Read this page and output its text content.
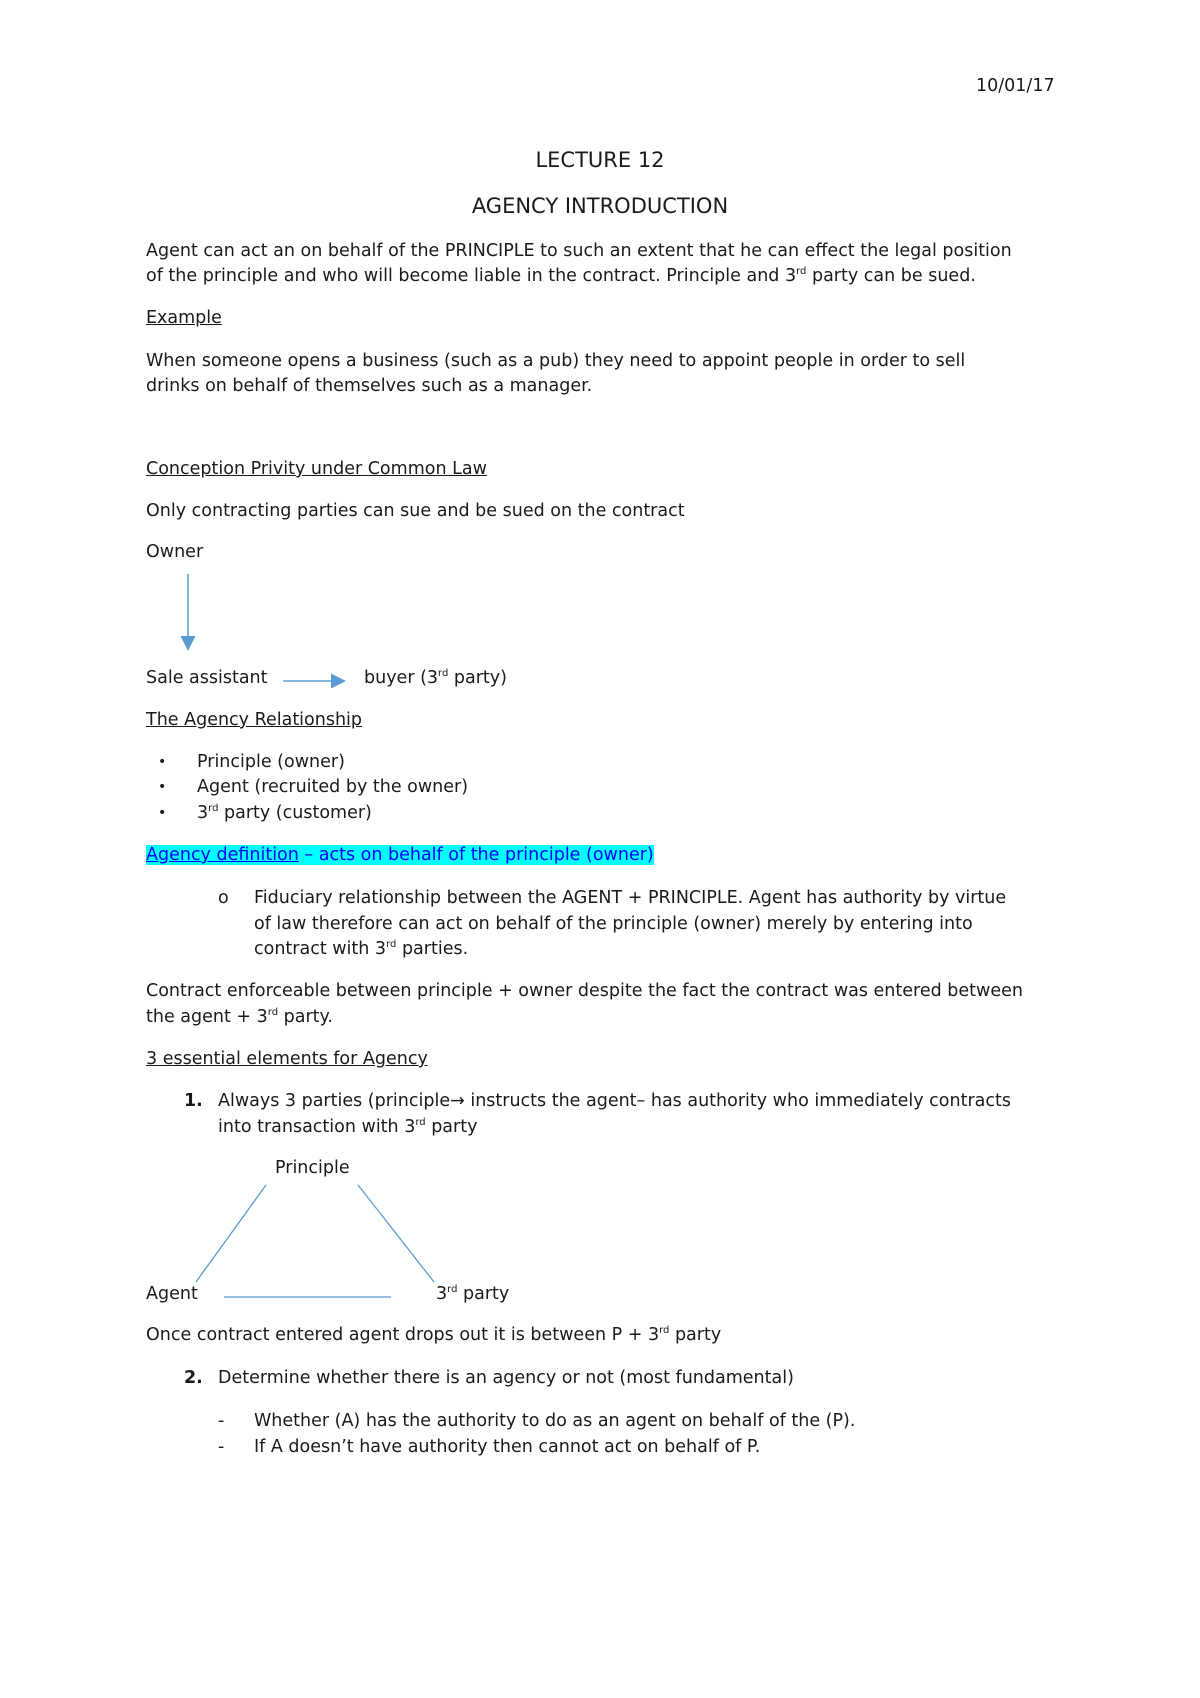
10/01/17
LECTURE 12
AGENCY INTRODUCTION
Agent can act an on behalf of the PRINCIPLE to such an extent that he can effect the legal position
of the principle and who will become liable in the contract. Principle and 3rd party can be sued.
Example
When someone opens a business (such as a pub) they need to appoint people in order to sell
drinks on behalf of themselves such as a manager.
Conception Privity under Common Law
Only contracting parties can sue and be sued on the contract
Owner
Sale assistant	buyer (3rd party)
The Agency Relationship
• Principle (owner)
• Agent (recruited by the owner)
• 3rd party (customer)
Agency definition – acts on behalf of the principle (owner)
o Fiduciary relationship between the AGENT + PRINCIPLE. Agent has authority by virtue
of law therefore can act on behalf of the principle (owner) merely by entering into
contract with 3rd parties.
Contract enforceable between principle + owner despite the fact the contract was entered between
the agent + 3rd party.
3 essential elements for Agency
1. Always 3 parties (principle→ instructs the agent– has authority who immediately contracts
into transaction with 3rd party
Principle
Agent	3rd party
Once contract entered agent drops out it is between P + 3rd party
2. Determine whether there is an agency or not (most fundamental)
- Whether (A) has the authority to do as an agent on behalf of the (P).
- If A doesn’t have authority then cannot act on behalf of P.
